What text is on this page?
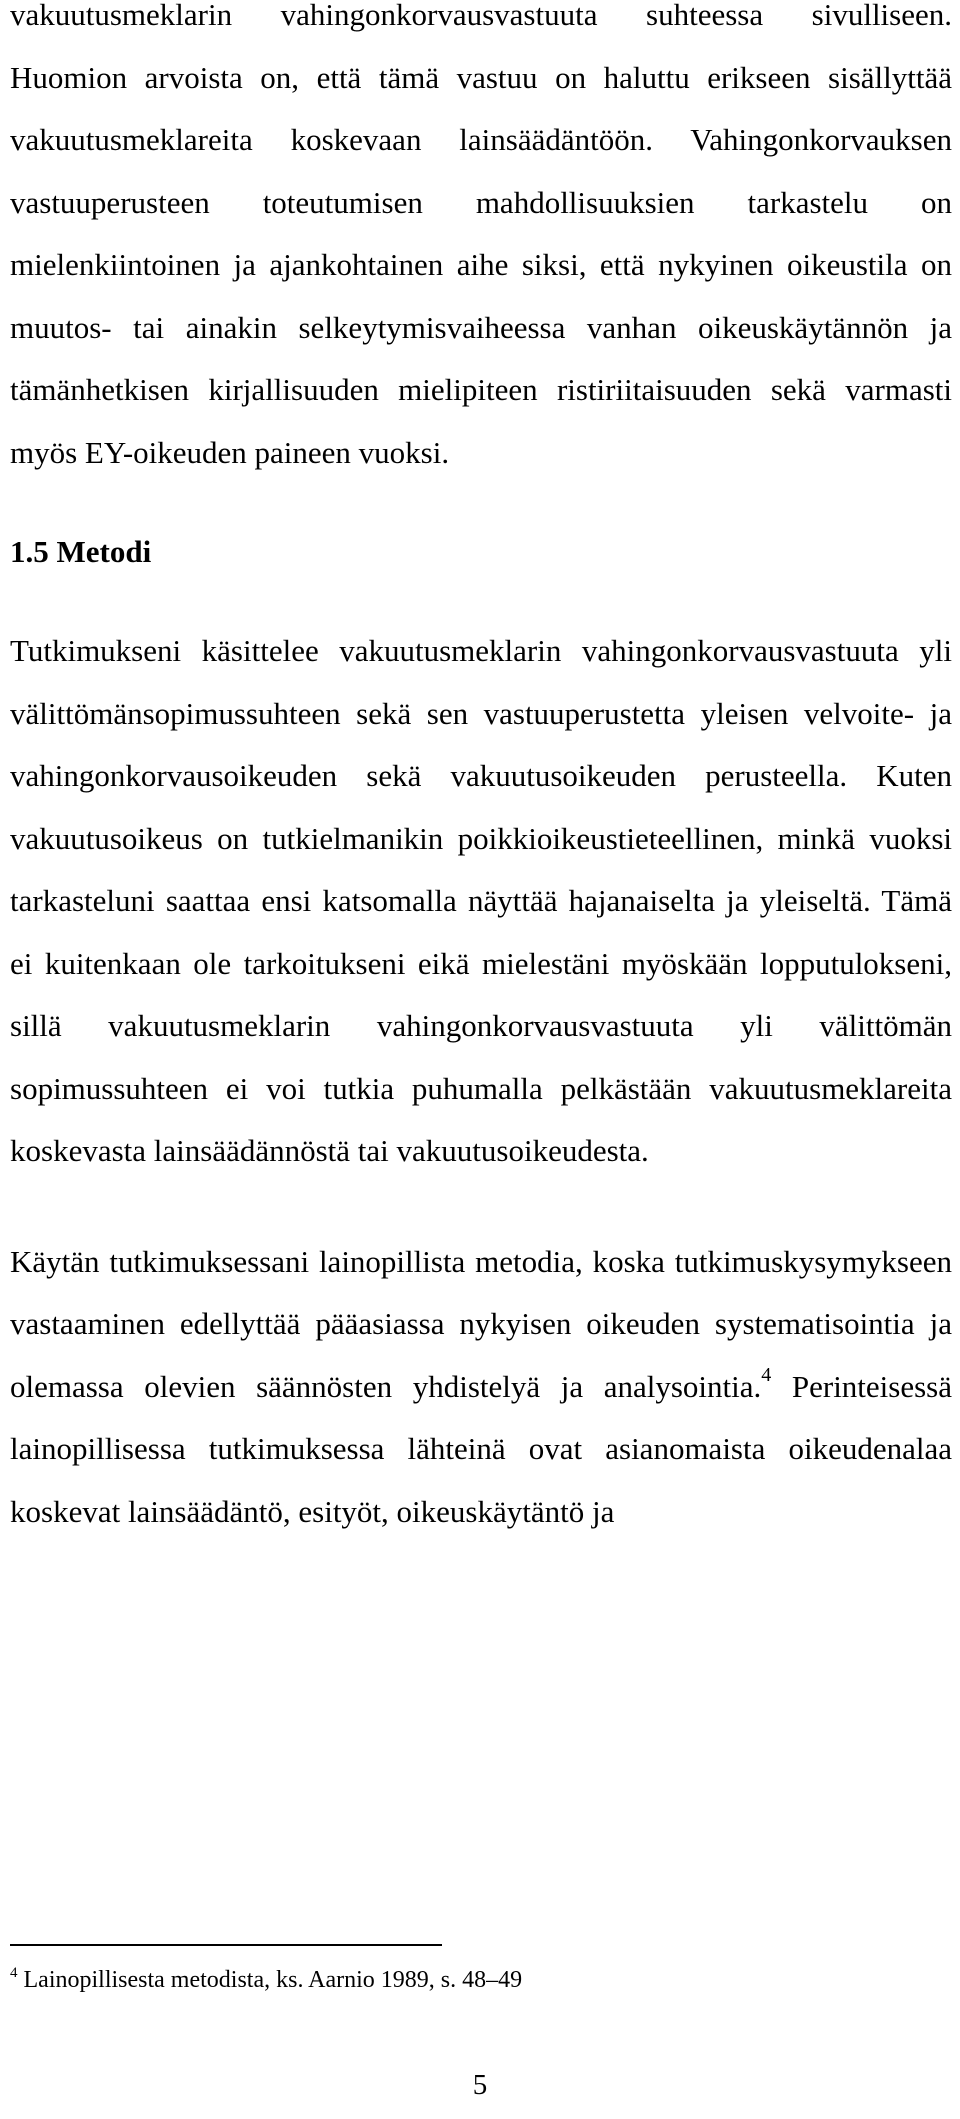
vakuutusmeklarin vahingonkorvausvastuuta suhteessa sivulliseen. Huomion arvoista on, että tämä vastuu on haluttu erikseen sisällyttää vakuutusmeklareita koskevaan lainsäädäntöön. Vahingonkorvauksen vastuuperusteen toteutumisen mahdollisuuksien tarkastelu on mielenkiintoinen ja ajankohtainen aihe siksi, että nykyinen oikeustila on muutos- tai ainakin selkeytymisvaiheessa vanhan oikeuskäytännön ja tämänhetkisen kirjallisuuden mielipiteen ristiriitaisuuden sekä varmasti myös EY-oikeuden paineen vuoksi.

1.5 Metodi

Tutkimukseni käsittelee vakuutusmeklarin vahingonkorvausvastuuta yli välittömänsopimussuhteen sekä sen vastuuperustetta yleisen velvoite- ja vahingonkorvausoikeuden sekä vakuutusoikeuden perusteella. Kuten vakuutusoikeus on tutkielmanikin poikkioikeustieteellinen, minkä vuoksi tarkasteluni saattaa ensi katsomalla näyttää hajanaiselta ja yleiseltä. Tämä ei kuitenkaan ole tarkoitukseni eikä mielestäni myöskään lopputulokseni, sillä vakuutusmeklarin vahingonkorvausvastuuta yli välittömän sopimussuhteen ei voi tutkia puhumalla pelkästään vakuutusmeklareita koskevasta lainsäädännöstä tai vakuutusoikeudesta.

Käytän tutkimuksessani lainopillista metodia, koska tutkimuskysymykseen vastaaminen edellyttää pääasiassa nykyisen oikeuden systematisointia ja olemassa olevien säännösten yhdistelyä ja analysointia.$^4$ Perinteisessä lainopillisessa tutkimuksessa lähteinä ovat asianomaista oikeudenalaa koskevat lainsäädäntö, esityöt, oikeuskäytäntö ja

$^4$ Lainopillisesta metodista, ks. Aarnio 1989, s. 48–49

5
